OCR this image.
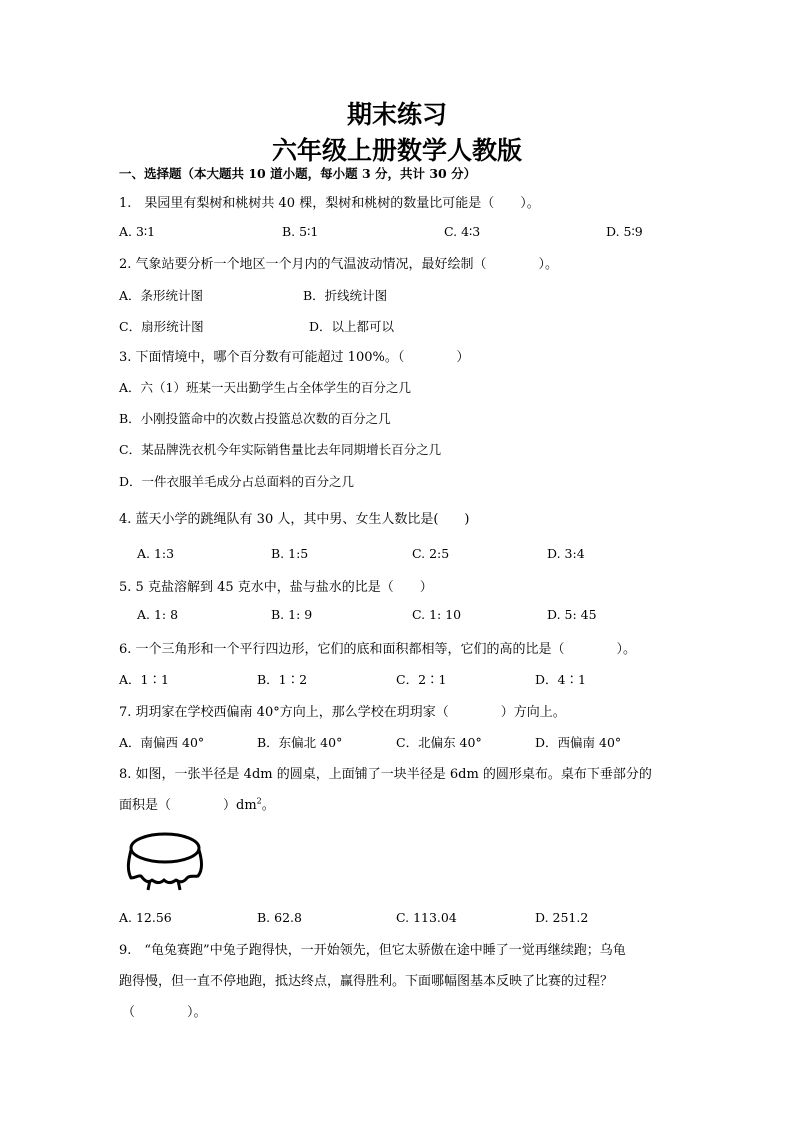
期末练习
六年级上册数学人教版
一、选择题（本大题共 10 道小题，每小题 3 分，共计 30 分）
1.　果园里有梨树和桃树共 40 棵，梨树和桃树的数量比可能是（　　）。
A. 3∶1	B. 5∶1	C. 4∶3	D. 5∶9
2. 气象站要分析一个地区一个月内的气温波动情况，最好绘制（　　　　）。
A．条形统计图	B．折线统计图
C．扇形统计图	D．以上都可以
3. 下面情境中，哪个百分数有可能超过 100%。（　　　　）
A．六（1）班某一天出勤学生占全体学生的百分之几
B．小刚投篮命中的次数占投篮总次数的百分之几
C．某品牌洗衣机今年实际销售量比去年同期增长百分之几
D．一件衣服羊毛成分占总面料的百分之几
4. 蓝天小学的跳绳队有 30 人，其中男、女生人数比是(　　)
A. 1:3	B. 1:5	C. 2:5	D. 3:4
5. 5 克盐溶解到 45 克水中，盐与盐水的比是（　　）
A. 1: 8	B. 1: 9	C. 1: 10	D. 5: 45
6. 一个三角形和一个平行四边形，它们的底和面积都相等，它们的高的比是（　　　　）。
A．1∶1	B．1∶2	C．2∶1	D．4∶1
7. 玥玥家在学校西偏南 40°方向上，那么学校在玥玥家（　　　　）方向上。
A．南偏西 40°	B．东偏北 40°	C．北偏东 40°	D．西偏南 40°
8. 如图，一张半径是 4dm 的圆桌，上面铺了一块半径是 6dm 的圆形桌布。桌布下垂部分的
面积是（　　　　）$dm^2$。
A. 12.56	B. 62.8	C. 113.04	D. 251.2
9.　“龟兔赛跑”中兔子跑得快，一开始领先，但它太骄傲在途中睡了一觉再继续跑；乌龟
跑得慢，但一直不停地跑，抵达终点，赢得胜利。下面哪幅图基本反映了比赛的过程？
（　　　　）。
